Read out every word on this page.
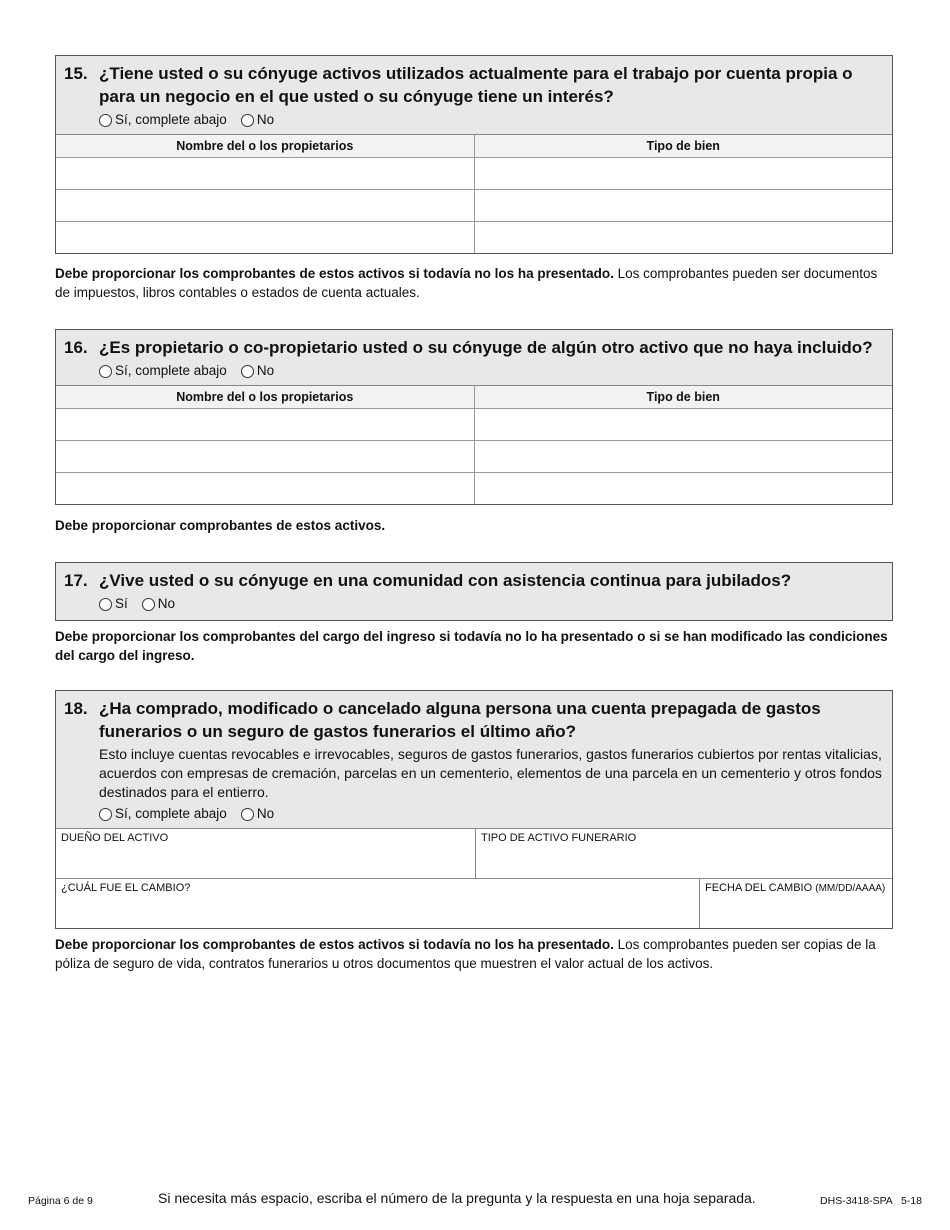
15. ¿Tiene usted o su cónyuge activos utilizados actualmente para el trabajo por cuenta propia o para un negocio en el que usted o su cónyuge tiene un interés?
Sí, complete abajo No
Nombre del o los propietarios	Tipo de bien

Debe proporcionar los comprobantes de estos activos si todavía no los ha presentado. Los comprobantes pueden ser documentos de impuestos, libros contables o estados de cuenta actuales.
16. ¿Es propietario o co-propietario usted o su cónyuge de algún otro activo que no haya incluido?
Sí, complete abajo No
Nombre del o los propietarios	Tipo de bien

Debe proporcionar comprobantes de estos activos.
17. ¿Vive usted o su cónyuge en una comunidad con asistencia continua para jubilados?
Sí No
Debe proporcionar los comprobantes del cargo del ingreso si todavía no lo ha presentado o si se han modificado las condiciones del cargo del ingreso.
18. ¿Ha comprado, modificado o cancelado alguna persona una cuenta prepagada de gastos funerarios o un seguro de gastos funerarios el último año?
Esto incluye cuentas revocables e irrevocables, seguros de gastos funerarios, gastos funerarios cubiertos por rentas vitalicias, acuerdos con empresas de cremación, parcelas en un cementerio, elementos de una parcela en un cementerio y otros fondos destinados para el entierro.
Sí, complete abajo No
DUEÑO DEL ACTIVO	TIPO DE ACTIVO FUNERARIO
¿CUÁL FUE EL CAMBIO?	FECHA DEL CAMBIO (MM/DD/AAAA)
Debe proporcionar los comprobantes de estos activos si todavía no los ha presentado. Los comprobantes pueden ser copias de la póliza de seguro de vida, contratos funerarios u otros documentos que muestren el valor actual de los activos.
Página 6 de 9	Si necesita más espacio, escriba el número de la pregunta y la respuesta en una hoja separada.	DHS-3418-SPA   5-18
